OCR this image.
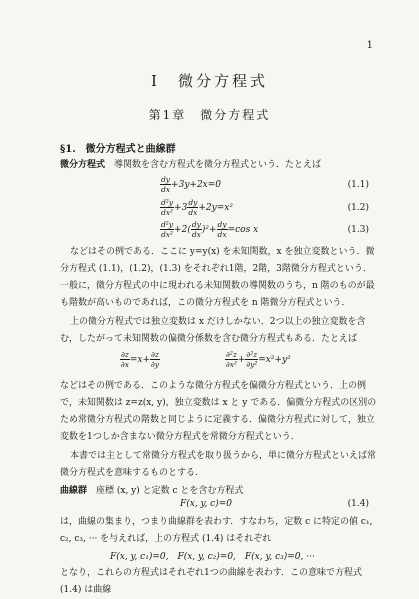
1
I　微分方程式
第1章　微分方程式
§1.　微分方程式と曲線群
微分方程式　導関数を含む方程式を微分方程式という．たとえば
$\frac{dy}{dx} +3y+2x=0$	(1.1)
$\frac{\text{d²y}}{\text{dx²}} +3 \frac{dy}{dx} +2y=x^2$	(1.2)
$\frac{\text{d²y}}{\text{dx²}} +2( \frac{dy}{dx} )^2+ \frac{dy}{dx} =\cos$ x	(1.3)
などはその例である．ここに y=y(x) を未知関数，x を独立変数という．微分方程式 (1.1)，(1.2)，(1.3) をそれぞれ1階，2階，3階微分方程式という．一般に，微分方程式の中に現われる未知関数の導関数のうち，n 階のものが最も階数が高いものであれば，この微分方程式を n 階微分方程式という．
上の微分方程式では独立変数は x だけしかない．2つ以上の独立変数を含む，したがって未知関数の偏微分係数を含む微分方程式もある．たとえば
$\frac{\partial z}{\partial x} =x+ \frac{\partial z}{\partial y}$	$\frac{\text{∂²z}}{\text{∂x²}} + \frac{\text{∂²z}}{\text{∂y²}} =x^2+y^2$
などはその例である．このような微分方程式を偏微分方程式という．上の例で，未知関数は z=z(x, y)，独立変数は x と y である．偏微分方程式の区別のため常微分方程式の階数と同じように定義する．偏微分方程式に対して，独立変数を1つしか含まない微分方程式を常微分方程式という．
本書では主として常微分方程式を取り扱うから，単に微分方程式といえば常微分方程式を意味するものとする．
曲線群　座標 (x, y) と定数 c とを含む方程式
F(x, y, c)=0	(1.4)
は，曲線の集まり，つまり曲線群を表わす．すなわち，定数 c に特定の値 c₁, c₂, c₃, ··· を与えれば，上の方程式 (1.4) はそれぞれ
F(x, y, c₁)=0,　F(x, y, c₂)=0,　F(x, y, c₃)=0, ···
となり，これらの方程式はそれぞれ1つの曲線を表わす．この意味で方程式 (1.4) は曲線
